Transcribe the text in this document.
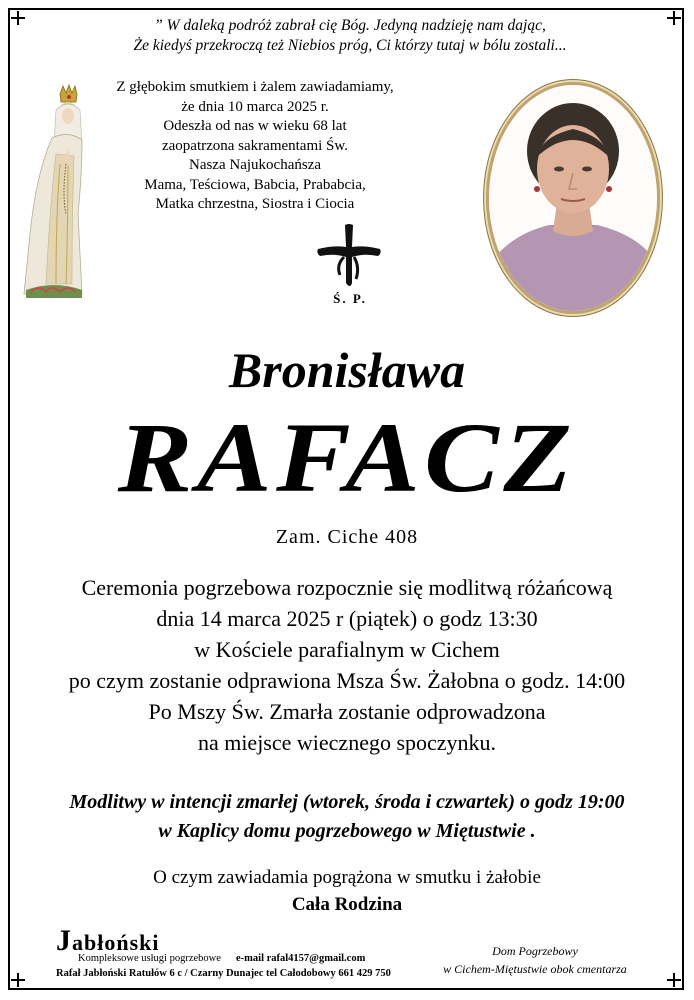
” W daleką podróż zabrał cię Bóg. Jedyną nadzieję nam dając,
Że kiedyś przekroczą też Niebios próg, Ci którzy tutaj w bólu zostali...
Z głębokim smutkiem i żalem zawiadamiamy,
że dnia 10 marca 2025 r.
Odeszła od nas w wieku 68 lat
zaopatrzona sakramentami Św.
Nasza Najukochańsza
Mama, Teściowa, Babcia, Prababcia,
Matka chrzestna, Siostra i Ciocia
Ś. P.
Bronisława
RAFACZ
Zam. Ciche 408
Ceremonia pogrzebowa rozpocznie się modlitwą różańcową
dnia 14 marca 2025 r (piątek) o godz 13:30
w Kościele parafialnym w Cichem
po czym zostanie odprawiona Msza Św. Żałobna o godz. 14:00
Po Mszy Św. Zmarła zostanie odprowadzona
na miejsce wiecznego spoczynku.
Modlitwy w intencji zmarłej (wtorek, środa i czwartek) o godz 19:00
w Kaplicy domu pogrzebowego w Miętustwie .
O czym zawiadamia pogrążona w smutku i żałobie
Cała Rodzina
Jabłoński
Kompleksowe usługi pogrzebowe e-mail rafal4157@gmail.com
Rafał Jabłoński Ratułów 6 c / Czarny Dunajec tel Całodobowy 661 429 750
Dom Pogrzebowy
w Cichem-Miętustwie obok cmentarza
